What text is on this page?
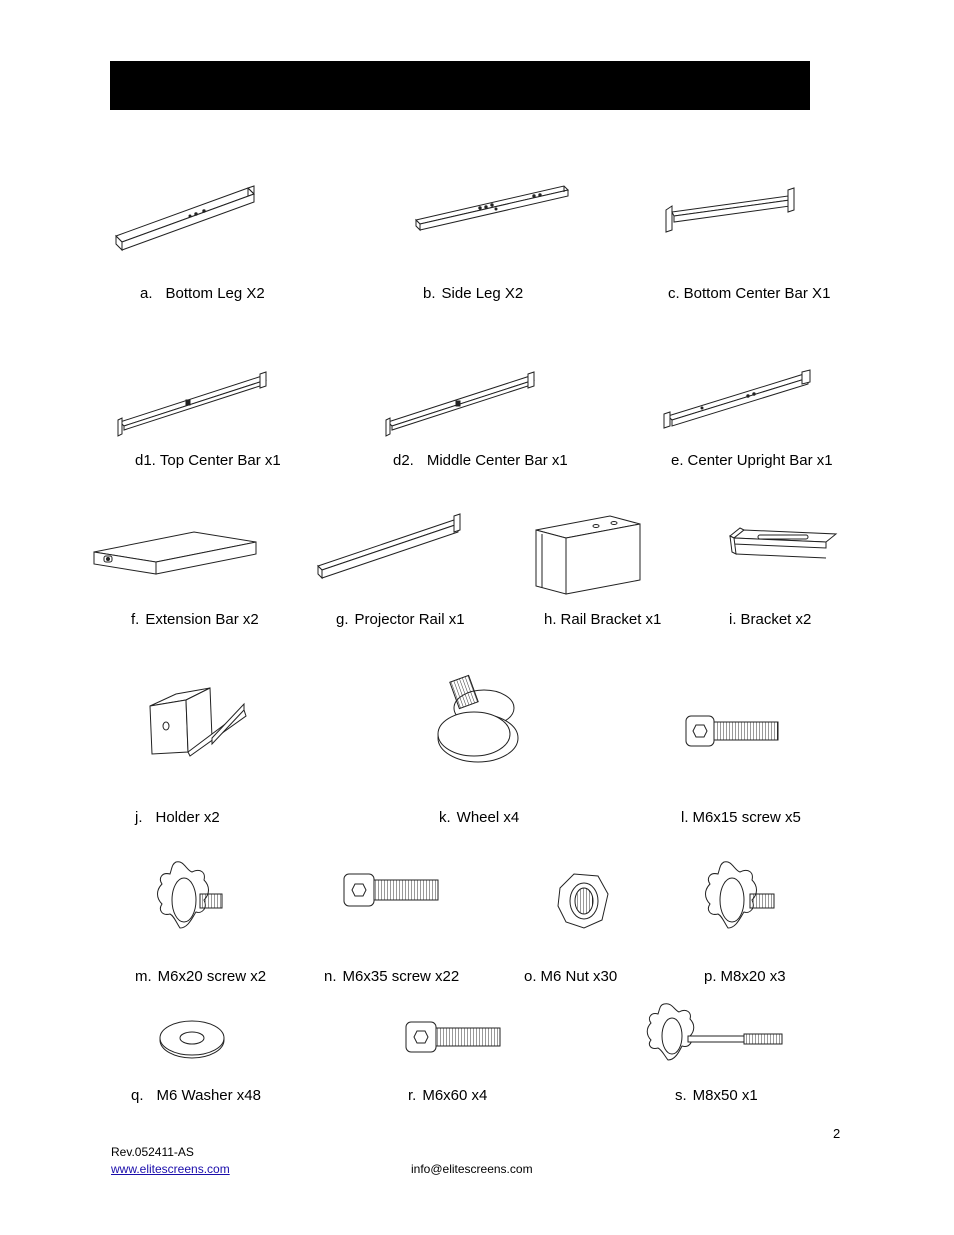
a. Bottom Leg X2	b. Side Leg X2	c. Bottom Center Bar X1
d1. Top Center Bar x1	d2. Middle Center Bar x1	e. Center Upright Bar x1
f. Extension Bar x2	g. Projector Rail x1	h. Rail Bracket x1	i. Bracket x2
j. Holder x2	k. Wheel x4	l. M6x15 screw x5
m. M6x20 screw x2	n. M6x35 screw x22	o. M6 Nut x30	p. M8x20 x3
q. M6 Washer x48	r. M6x60 x4	s. M8x50 x1
2
Rev.052411-AS
www.elitescreens.com	info@elitescreens.com
